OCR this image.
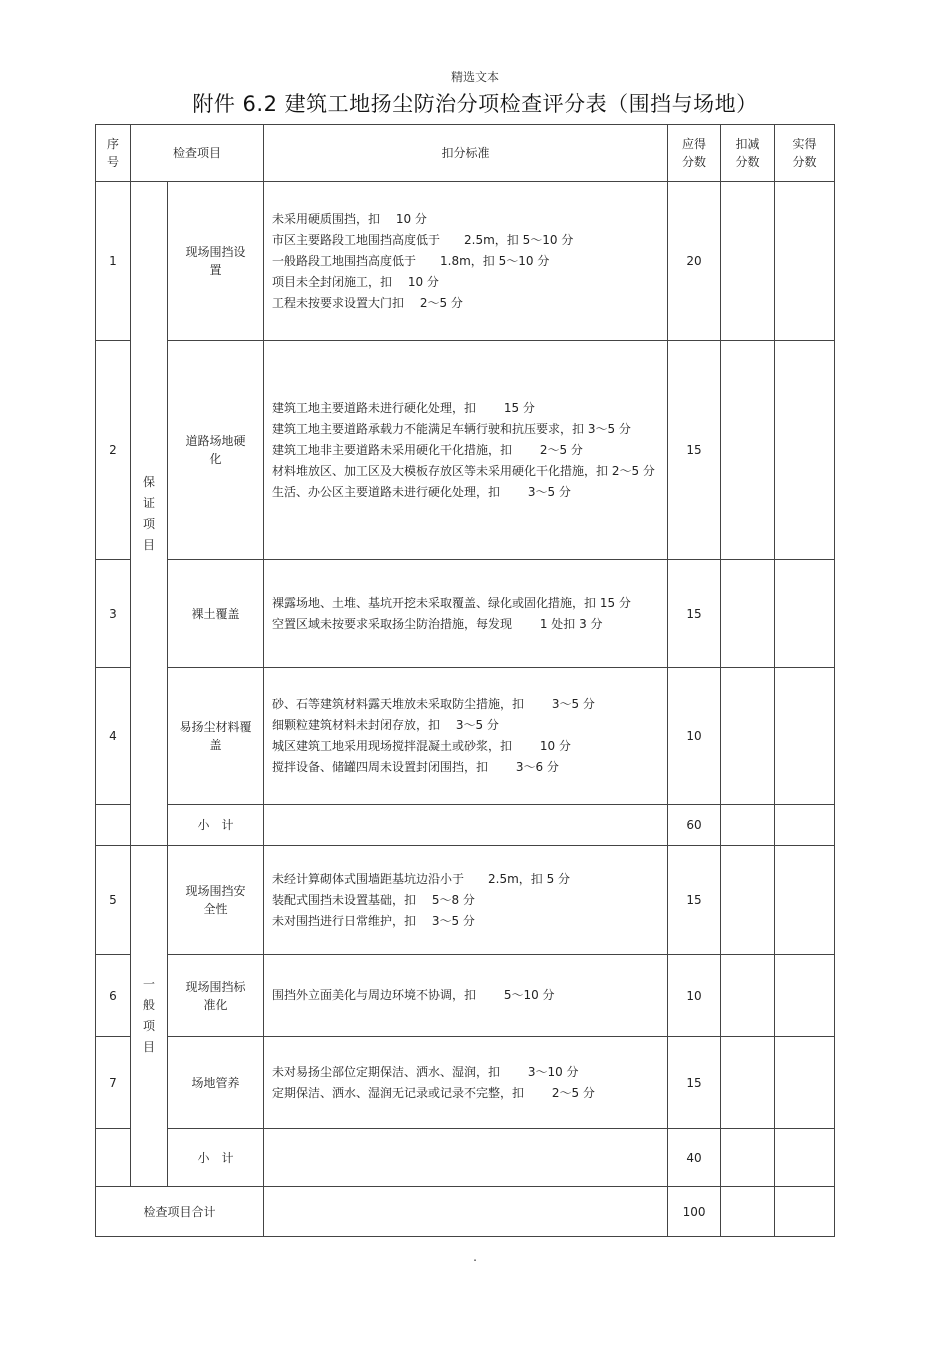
精选文本
附件 6.2 建筑工地扬尘防治分项检查评分表（围挡与场地）
序号	检查项目		扣分标准	应得分数	扣减分数	实得分数

1	保证项目	现场围挡设置	未采用硬质围挡，扣　 10 分
市区主要路段工地围挡高度低于　　2.5m，扣 5～10 分
一般路段工地围挡高度低于　　1.8m，扣 5～10 分
项目未全封闭施工，扣　 10 分
工程未按要求设置大门扣　 2～5 分	20		
2		道路场地硬化	建筑工地主要道路未进行硬化处理，扣　　 15 分
建筑工地主要道路承载力不能满足车辆行驶和抗压要求，扣 3～5 分
建筑工地非主要道路未采用硬化干化措施，扣　　 2～5 分
材料堆放区、加工区及大模板存放区等未采用硬化干化措施，扣 2～5 分
生活、办公区主要道路未进行硬化处理，扣　　 3～5 分	15		
3		裸土覆盖	裸露场地、土堆、基坑开挖未采取覆盖、绿化或固化措施，扣 15 分
空置区域未按要求采取扬尘防治措施，每发现　　 1 处扣 3 分	15		
4		易扬尘材料覆盖	砂、石等建筑材料露天堆放未采取防尘措施，扣　　 3～5 分
细颗粒建筑材料未封闭存放，扣　 3～5 分
城区建筑工地采用现场搅拌混凝土或砂浆，扣　　 10 分
搅拌设备、储罐四周未设置封闭围挡，扣　　 3～6 分	10		
		小　计		60		
5	一般项目	现场围挡安全性	未经计算砌体式围墙距基坑边沿小于　　2.5m，扣 5 分
装配式围挡未设置基础，扣　 5～8 分
未对围挡进行日常维护，扣　 3～5 分	15		
6		现场围挡标准化	围挡外立面美化与周边环境不协调，扣　　 5～10 分	10		
7		场地管养	未对易扬尘部位定期保洁、洒水、湿润，扣　　 3～10 分
定期保洁、洒水、湿润无记录或记录不完整，扣　　 2～5 分	15		
		小　计		40		
检查项目合计				100		
.
